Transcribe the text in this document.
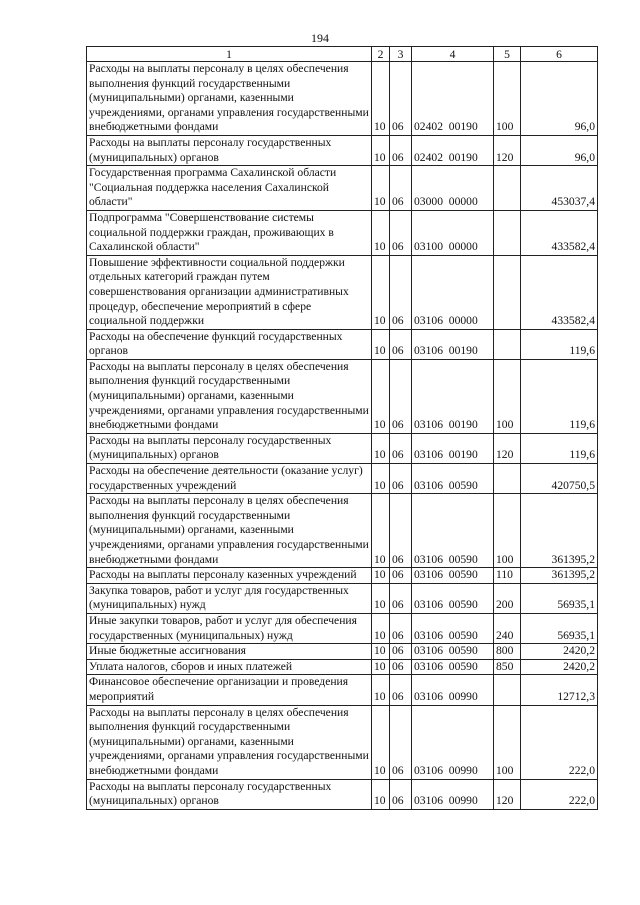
194
1	2	3	4	5	6
Расходы на выплаты персоналу в целях обеспечения выполнения функций государственными (муниципальными) органами, казенными учреждениями, органами управления государственными внебюджетными фондами	10	06	02402  00190	100	96,0
Расходы на выплаты персоналу государственных (муниципальных) органов	10	06	02402  00190	120	96,0
Государственная программа Сахалинской области "Социальная поддержка населения Сахалинской области"	10	06	03000  00000		453037,4
Подпрограмма "Совершенствование системы социальной поддержки граждан, проживающих в Сахалинской области"	10	06	03100  00000		433582,4
Повышение эффективности социальной поддержки отдельных категорий граждан путем совершенствования организации административных процедур, обеспечение мероприятий в сфере социальной поддержки	10	06	03106  00000		433582,4
Расходы на обеспечение функций государственных органов	10	06	03106  00190		119,6
Расходы на выплаты персоналу в целях обеспечения выполнения функций государственными (муниципальными) органами, казенными учреждениями, органами управления государственными внебюджетными фондами	10	06	03106  00190	100	119,6
Расходы на выплаты персоналу государственных (муниципальных) органов	10	06	03106  00190	120	119,6
Расходы на обеспечение деятельности (оказание услуг) государственных учреждений	10	06	03106  00590		420750,5
Расходы на выплаты персоналу в целях обеспечения выполнения функций государственными (муниципальными) органами, казенными учреждениями, органами управления государственными внебюджетными фондами	10	06	03106  00590	100	361395,2
Расходы на выплаты персоналу казенных учреждений	10	06	03106  00590	110	361395,2
Закупка товаров, работ и услуг для государственных (муниципальных) нужд	10	06	03106  00590	200	56935,1
Иные закупки товаров, работ и услуг для обеспечения государственных (муниципальных) нужд	10	06	03106  00590	240	56935,1
Иные бюджетные ассигнования	10	06	03106  00590	800	2420,2
Уплата налогов, сборов и иных платежей	10	06	03106  00590	850	2420,2
Финансовое обеспечение организации и проведения мероприятий	10	06	03106  00990		12712,3
Расходы на выплаты персоналу в целях обеспечения выполнения функций государственными (муниципальными) органами, казенными учреждениями, органами управления государственными внебюджетными фондами	10	06	03106  00990	100	222,0
Расходы на выплаты персоналу государственных (муниципальных) органов	10	06	03106  00990	120	222,0
